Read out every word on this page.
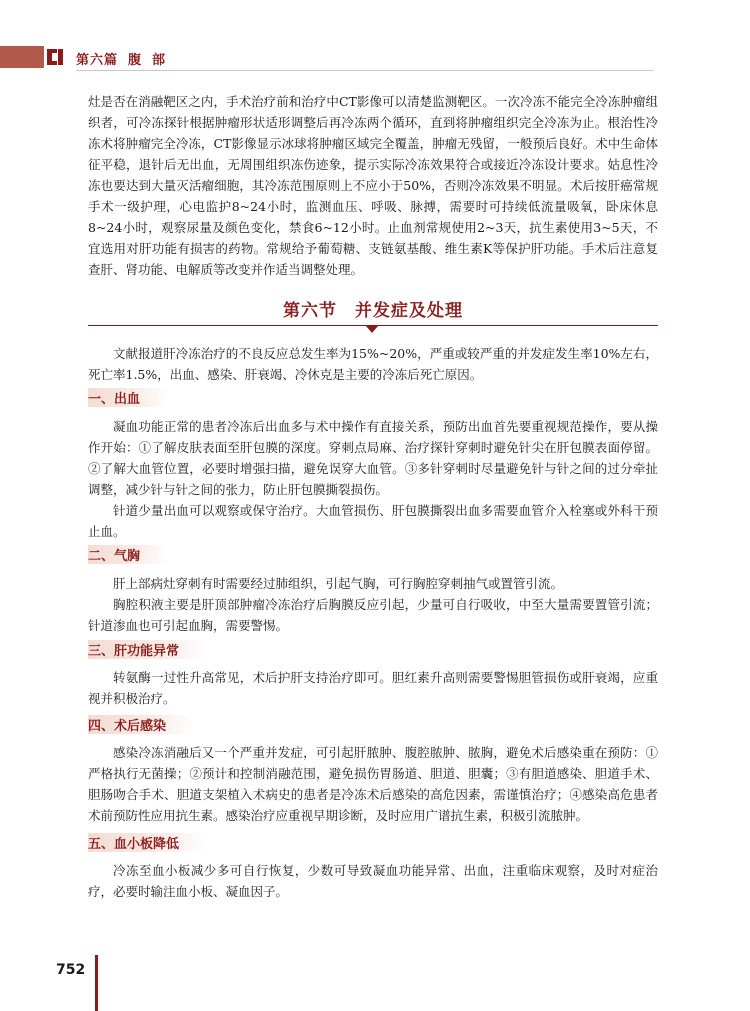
第六篇 腹 部

灶是否在消融靶区之内，手术治疗前和治疗中CT影像可以清楚监测靶区。一次冷冻不能完全冷冻肿瘤组织者，可冷冻探针根据肿瘤形状适形调整后再冷冻两个循环，直到将肿瘤组织完全冷冻为止。根治性冷冻术将肿瘤完全冷冻，CT影像显示冰球将肿瘤区域完全覆盖，肿瘤无残留，一般预后良好。术中生命体征平稳，退针后无出血，无周围组织冻伤迹象，提示实际冷冻效果符合或接近冷冻设计要求。姑息性冷冻也要达到大量灭活瘤细胞，其冷冻范围原则上不应小于50%，否则冷冻效果不明显。术后按肝癌常规手术一级护理，心电监护8~24小时，监测血压、呼吸、脉搏，需要时可持续低流量吸氧，卧床休息8~24小时，观察尿量及颜色变化，禁食6~12小时。止血剂常规使用2~3天，抗生素使用3~5天，不宜选用对肝功能有损害的药物。常规给予葡萄糖、支链氨基酸、维生素K等保护肝功能。手术后注意复查肝、肾功能、电解质等改变并作适当调整处理。

第六节　并发症及处理

文献报道肝冷冻治疗的不良反应总发生率为15%~20%，严重或较严重的并发症发生率10%左右，死亡率1.5%，出血、感染、肝衰竭、冷休克是主要的冷冻后死亡原因。

一、出血

凝血功能正常的患者冷冻后出血多与术中操作有直接关系，预防出血首先要重视规范操作，要从操作开始：①了解皮肤表面至肝包膜的深度。穿刺点局麻、治疗探针穿刺时避免针尖在肝包膜表面停留。②了解大血管位置，必要时增强扫描，避免误穿大血管。③多针穿刺时尽量避免针与针之间的过分牵扯调整，减少针与针之间的张力，防止肝包膜撕裂损伤。

针道少量出血可以观察或保守治疗。大血管损伤、肝包膜撕裂出血多需要血管介入栓塞或外科干预止血。

二、气胸

肝上部病灶穿刺有时需要经过肺组织，引起气胸，可行胸腔穿刺抽气或置管引流。

胸腔积液主要是肝顶部肿瘤冷冻治疗后胸膜反应引起，少量可自行吸收，中至大量需要置管引流；针道渗血也可引起血胸，需要警惕。

三、肝功能异常

转氨酶一过性升高常见，术后护肝支持治疗即可。胆红素升高则需要警惕胆管损伤或肝衰竭，应重视并积极治疗。

四、术后感染

感染冷冻消融后又一个严重并发症，可引起肝脓肿、腹腔脓肿、脓胸，避免术后感染重在预防：①严格执行无菌操；②预计和控制消融范围，避免损伤胃肠道、胆道、胆囊；③有胆道感染、胆道手术、胆肠吻合手术、胆道支架植入术病史的患者是冷冻术后感染的高危因素，需谨慎治疗；④感染高危患者术前预防性应用抗生素。感染治疗应重视早期诊断，及时应用广谱抗生素，积极引流脓肿。

五、血小板降低

冷冻至血小板减少多可自行恢复，少数可导致凝血功能异常、出血，注重临床观察，及时对症治疗，必要时输注血小板、凝血因子。

752
